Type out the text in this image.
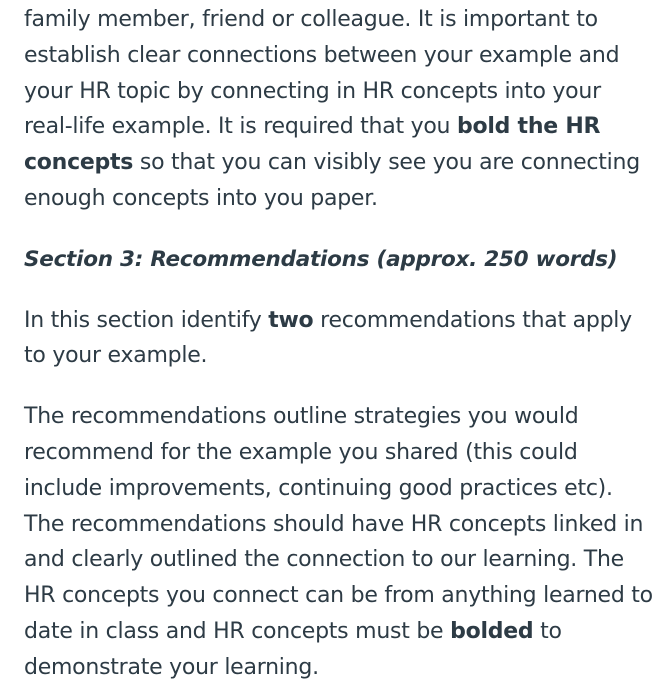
family member, friend or colleague. It is important to establish clear connections between your example and your HR topic by connecting in HR concepts into your real-life example. It is required that you bold the HR concepts so that you can visibly see you are connecting enough concepts into you paper.

Section 3: Recommendations (approx. 250 words)

In this section identify two recommendations that apply to your example.

The recommendations outline strategies you would recommend for the example you shared (this could include improvements, continuing good practices etc). The recommendations should have HR concepts linked in and clearly outlined the connection to our learning. The HR concepts you connect can be from anything learned to date in class and HR concepts must be bolded to demonstrate your learning.
